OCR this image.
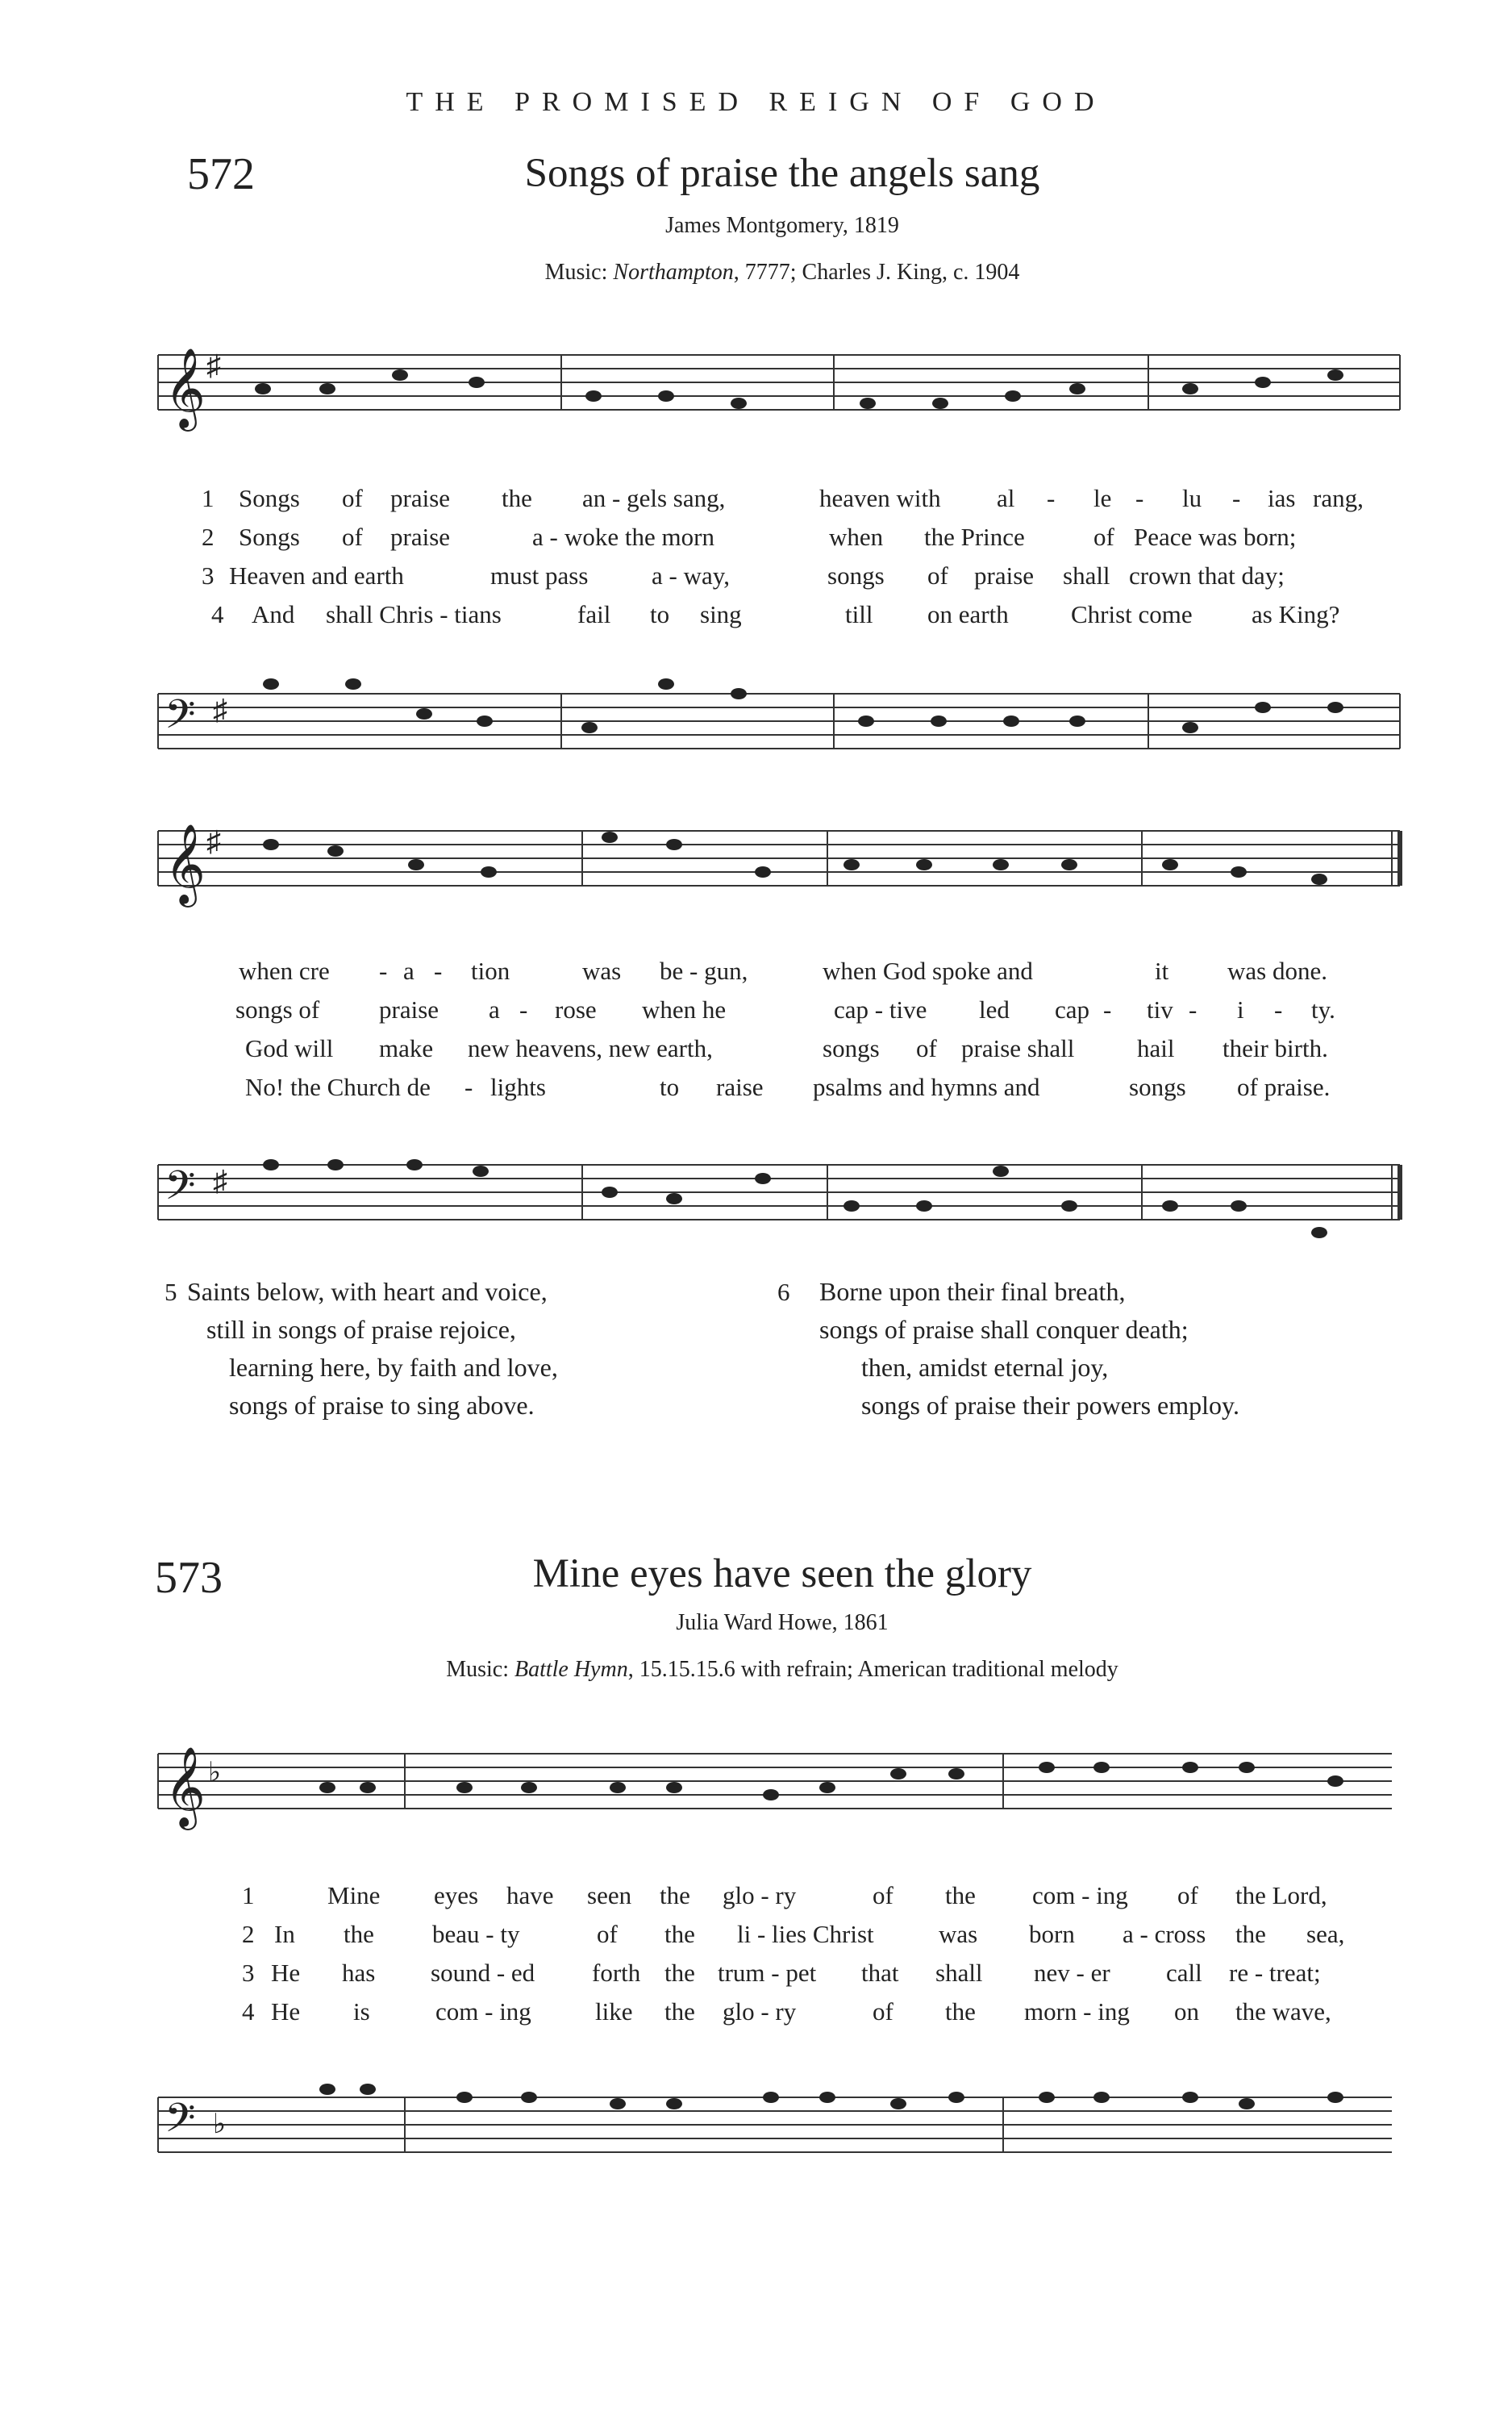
THE PROMISED REIGN OF GOD
572	Songs of praise the angels sang
James Montgomery, 1819
Music: Northampton, 7777; Charles J. King, c. 1904
𝄞 ♯
1
2
3
4
Songs of praise the an - gels sang,	heaven with al - le - lu - ias rang,
Songs of praise	a - woke the morn	when the Prince	of Peace was born;
Heaven and earth	must pass	a - way,	songs of praise shall crown that day;
And shall Chris - tians	fail to sing	till on earth Christ come as King?
𝄢 ♯
𝄞 ♯
when cre - a - tion	was be - gun,	when God spoke and	it was done.
songs of praise a - rose when he	cap - tive led cap - tiv - i - ty.
God will make new heavens, new earth,	songs of praise shall	hail their birth.
No! the Church de - lights	to raise psalms and hymns and	songs of praise.
𝄢 ♯
5 Saints below, with heart and voice,
still in songs of praise rejoice,
learning here, by faith and love,
songs of praise to sing above.
6 Borne upon their final breath,
songs of praise shall conquer death;
then, amidst eternal joy,
songs of praise their powers employ.
573	Mine eyes have seen the glory
Julia Ward Howe, 1861
Music: Battle Hymn, 15.15.15.6 with refrain; American traditional melody
𝄞 ♭
1
2
3
4
Mine eyes have seen the glo - ry	of the com - ing of the Lord,
In the beau - ty	of the li - lies Christ	was born a - cross the sea,
He has sound - ed forth the trum - pet that shall nev - er call re - treat;
He is	com - ing	like the glo - ry	of the morn - ing on the wave,
𝄢 ♭
